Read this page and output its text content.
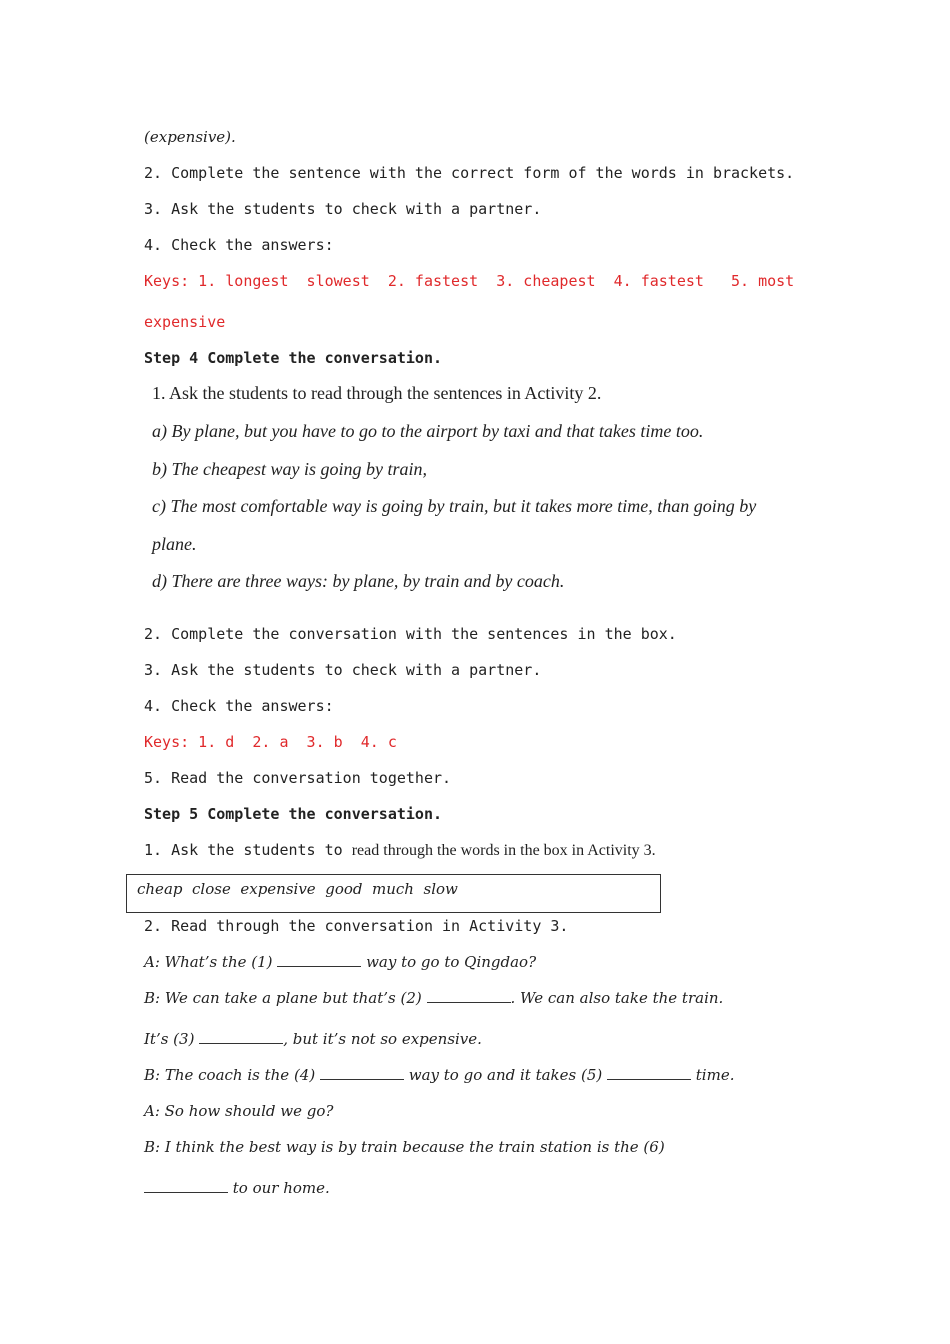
(expensive).
2. Complete the sentence with the correct form of the words in brackets.
3. Ask the students to check with a partner.
4. Check the answers:
Keys: 1. longest  slowest  2. fastest  3. cheapest  4. fastest   5. most
expensive
Step 4 Complete the conversation.
1. Ask the students to read through the sentences in Activity 2.
a) By plane, but you have to go to the airport by taxi and that takes time too.
b) The cheapest way is going by train,
c) The most comfortable way is going by train, but it takes more time, than going by
plane.
d) There are three ways: by plane, by train and by coach.
2. Complete the conversation with the sentences in the box.
3. Ask the students to check with a partner.
4. Check the answers:
Keys: 1. d  2. a  3. b  4. c
5. Read the conversation together.
Step 5 Complete the conversation.
1. Ask the students to read through the words in the box in Activity 3.
cheap  close  expensive  good  much  slow
2. Read through the conversation in Activity 3.
A: What’s the (1)	way to go to Qingdao?
B: We can take a plane but that’s (2)	. We can also take the train.
It’s (3)	, but it’s not so expensive.
B: The coach is the (4)	way to go and it takes (5)	time.
A: So how should we go?
B: I think the best way is by train because the train station is the (6)
to our home.
